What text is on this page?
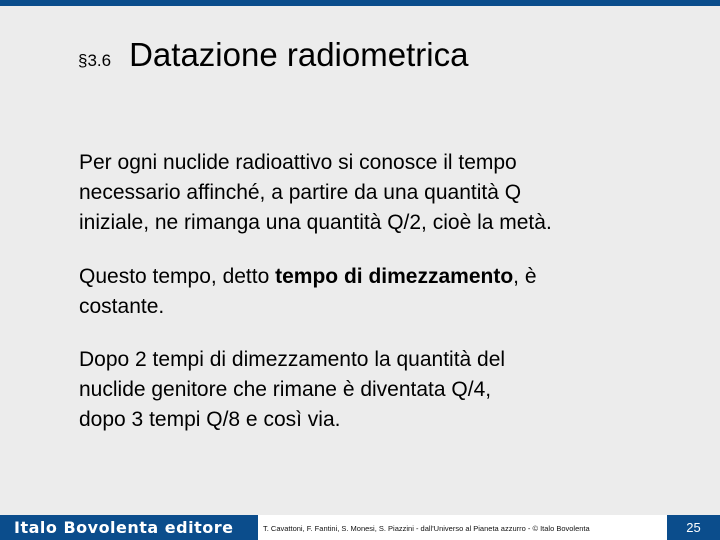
§3.6 Datazione radiometrica

Per ogni nuclide radioattivo si conosce il tempo
necessario affinché, a partire da una quantità Q
iniziale, ne rimanga una quantità Q/2, cioè la metà.

Questo tempo, detto tempo di dimezzamento, è
costante.

Dopo 2 tempi di dimezzamento la quantità del
nuclide genitore che rimane è diventata Q/4,
dopo 3 tempi Q/8 e così via.

Italo Bovolenta editore	T. Cavattoni, F. Fantini, S. Monesi, S. Piazzini - dall'Universo al Pianeta azzurro - © Italo Bovolenta	25
